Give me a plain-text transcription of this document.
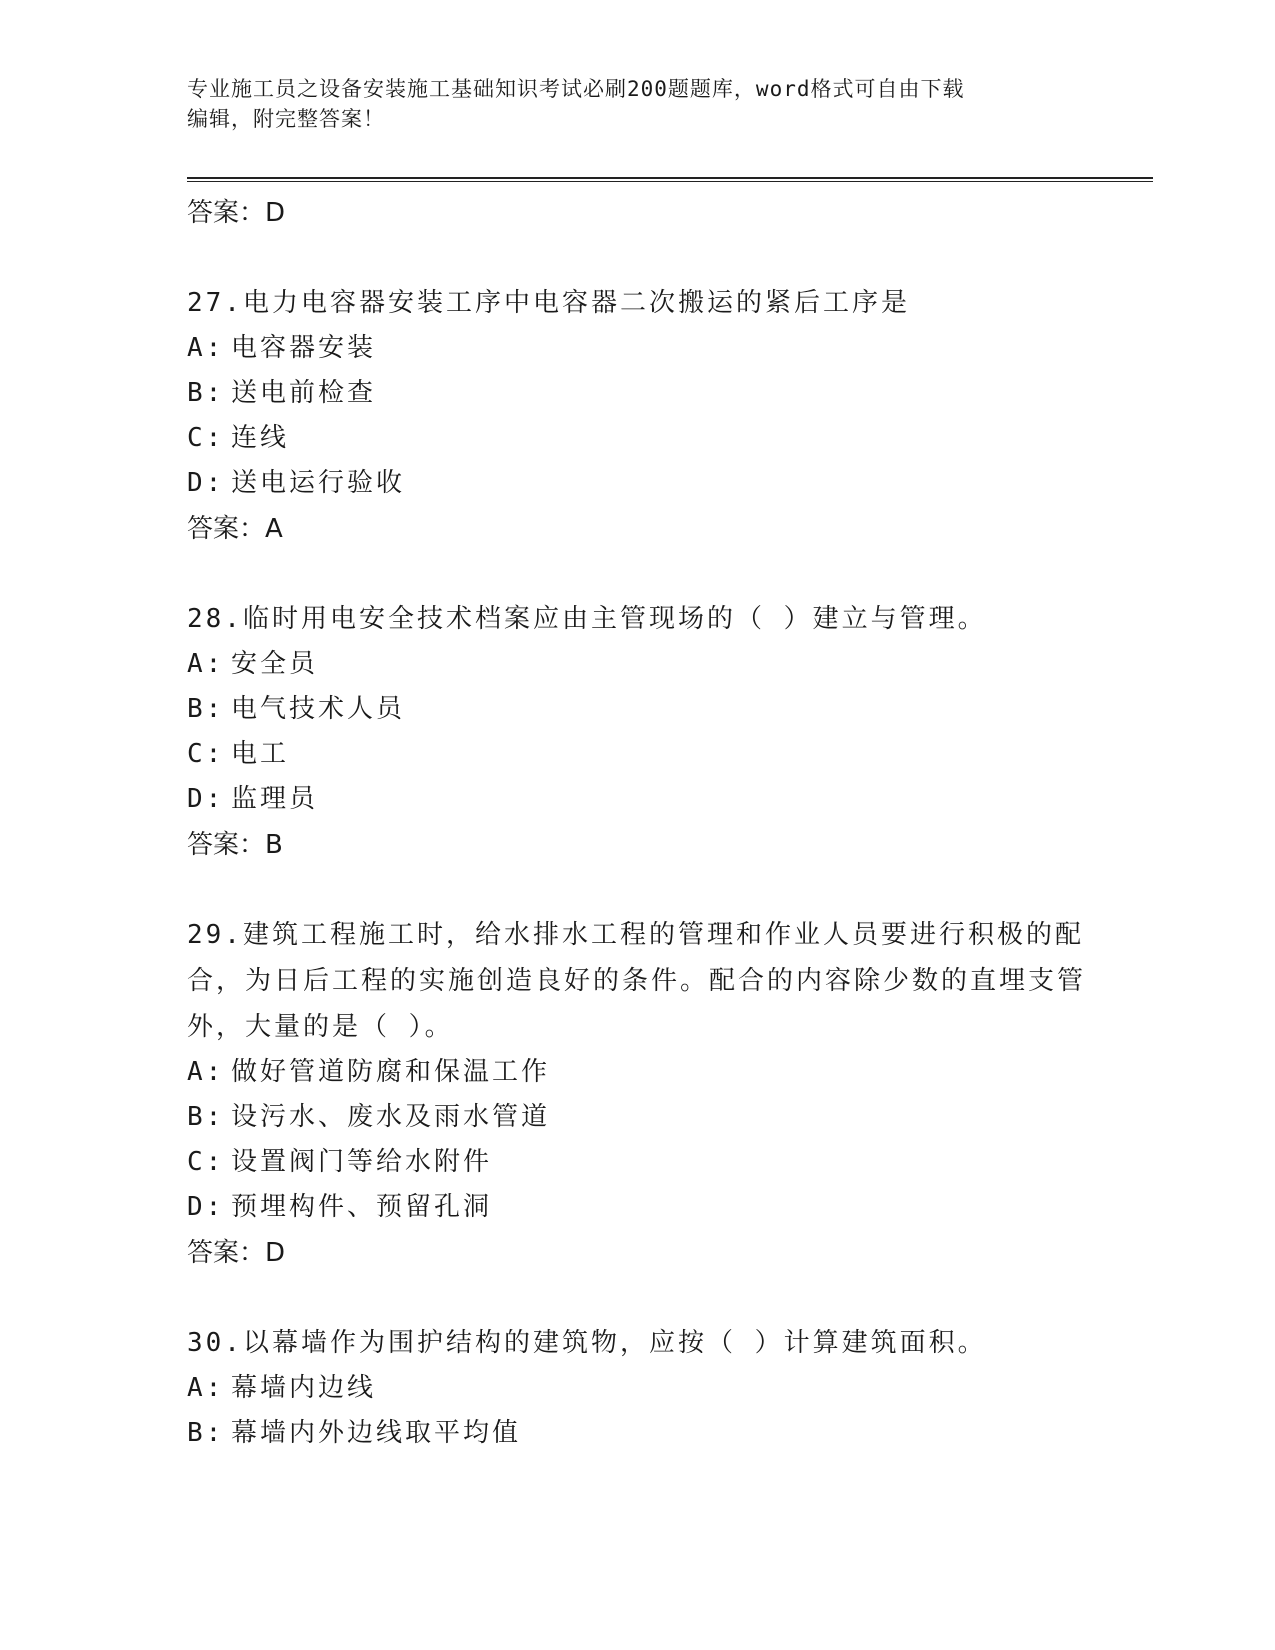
专业施工员之设备安装施工基础知识考试必刷200题题库，word格式可自由下载
编辑，附完整答案！
答案：D

27.电力电容器安装工序中电容器二次搬运的紧后工序是

A: 电容器安装
B: 送电前检查
C: 连线
D: 送电运行验收
答案：A

28.临时用电安全技术档案应由主管现场的（ ）建立与管理。

A: 安全员
B: 电气技术人员
C: 电工
D: 监理员
答案：B

29.建筑工程施工时，给水排水工程的管理和作业人员要进行积极的配合，为日后工程的实施创造良好的条件。配合的内容除少数的直埋支管外，大量的是（ ）。

A: 做好管道防腐和保温工作
B: 设污水、废水及雨水管道
C: 设置阀门等给水附件
D: 预埋构件、预留孔洞
答案：D

30.以幕墙作为围护结构的建筑物，应按（ ）计算建筑面积。

A: 幕墙内边线
B: 幕墙内外边线取平均值
